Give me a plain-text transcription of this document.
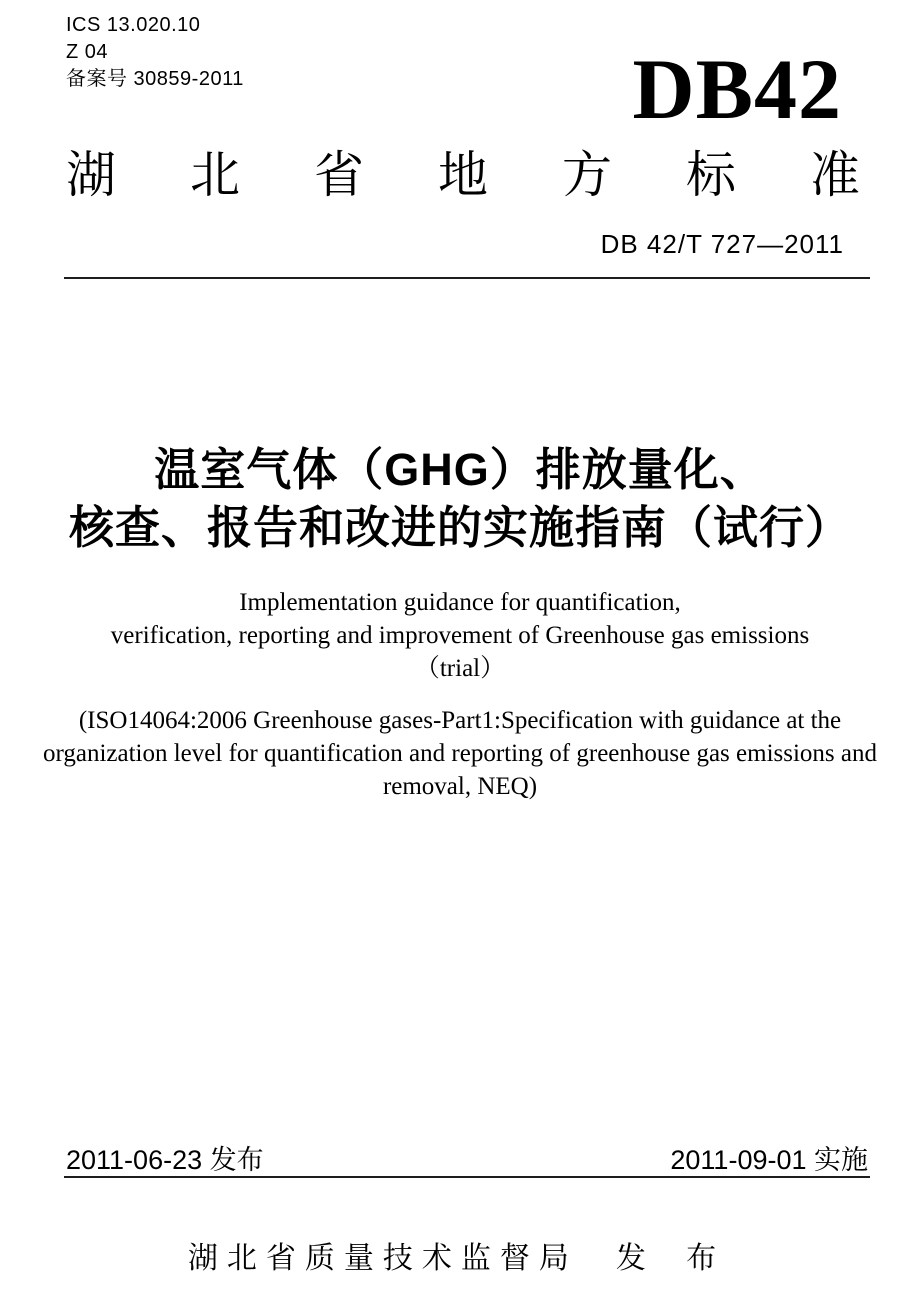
ICS 13.020.10
Z 04
备案号 30859-2011	DB42
湖 北 省 地 方 标 准
DB 42/T 727—2011
温室气体（GHG）排放量化、
核查、报告和改进的实施指南（试行）
Implementation guidance for quantification,
verification, reporting and improvement of Greenhouse gas emissions
（trial）
(ISO14064:2006 Greenhouse gases-Part1:Specification with guidance at the
organization level for quantification and reporting of greenhouse gas emissions and
removal, NEQ)
2011-06-23 发布	2011-09-01 实施
湖北省质量技术监督局 发 布
